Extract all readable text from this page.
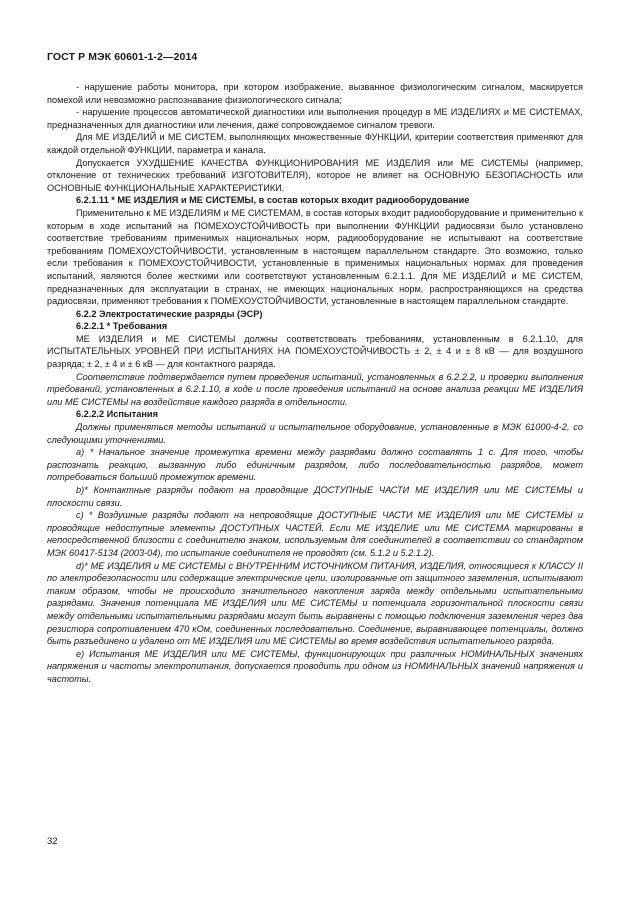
ГОСТ Р МЭК 60601-1-2—2014

- нарушение работы монитора, при котором изображение, вызванное физиологическим сигналом, маскируется помехой или невозможно распознавание физиологического сигнала;

- нарушение процессов автоматической диагностики или выполнения процедур в МЕ ИЗДЕЛИЯХ и МЕ СИСТЕМАХ, предназначенных для диагностики или лечения, даже сопровождаемое сигналом тревоги.

Для МЕ ИЗДЕЛИЙ и МЕ СИСТЕМ, выполняющих множественные ФУНКЦИИ, критерии соответствия применяют для каждой отдельной ФУНКЦИИ, параметра и канала.

Допускается УХУДШЕНИЕ КАЧЕСТВА ФУНКЦИОНИРОВАНИЯ МЕ ИЗДЕЛИЯ или МЕ СИСТЕМЫ (например, отклонение от технических требований ИЗГОТОВИТЕЛЯ), которое не влияет на ОСНОВНУЮ БЕЗОПАСНОСТЬ или ОСНОВНЫЕ ФУНКЦИОНАЛЬНЫЕ ХАРАКТЕРИСТИКИ.

6.2.1.11 * МЕ ИЗДЕЛИЯ и МЕ СИСТЕМЫ, в состав которых входит радиооборудование

Применительно к МЕ ИЗДЕЛИЯМ и МЕ СИСТЕМАМ, в состав которых входит радиооборудование и применительно к которым в ходе испытаний на ПОМЕХОУСТОЙЧИВОСТЬ при выполнении ФУНКЦИИ радиосвязи было установлено соответствие требованиям применимых национальных норм, радиооборудование не испытывают на соответствие требованиям ПОМЕХОУСТОЙЧИВОСТИ, установленным в настоящем параллельном стандарте. Это возможно, только если требования к ПОМЕХОУСТОЙЧИВОСТИ, установленные в применимых национальных нормах для проведения испытаний, являются более жесткими или соответствуют установленным 6.2.1.1. Для МЕ ИЗДЕЛИЙ и МЕ СИСТЕМ, предназначенных для эксплуатации в странах, не имеющих национальных норм, распространяющихся на средства радиосвязи, применяют требования к ПОМЕХОУСТОЙЧИВОСТИ, установленные в настоящем параллельном стандарте.

6.2.2 Электростатические разряды (ЭСР)

6.2.2.1 * Требования

МЕ ИЗДЕЛИЯ и МЕ СИСТЕМЫ должны соответствовать требованиям, установленным в 6.2.1.10, для ИСПЫТАТЕЛЬНЫХ УРОВНЕЙ ПРИ ИСПЫТАНИЯХ НА ПОМЕХОУСТОЙЧИВОСТЬ ± 2, ± 4 и ± 8 кВ — для воздушного разряда; ± 2, ± 4 и ± 6 кВ — для контактного разряда.

Соответствие подтверждается путем проведения испытаний, установленных в 6.2.2.2, и проверки выполнения требований, установленных в 6.2.1.10, в ходе и после проведения испытаний на основе анализа реакции МЕ ИЗДЕЛИЯ или МЕ СИСТЕМЫ на воздействие каждого разряда в отдельности.

6.2.2.2 Испытания

Должны применяться методы испытаний и испытательное оборудование, установленные в МЭК 61000-4-2, со следующими уточнениями.

a) * Начальное значение промежутка времени между разрядами должно составлять 1 с. Для того, чтобы распознать реакцию, вызванную либо единичным разрядом, либо последовательностью разрядов, может потребоваться больший промежуток времени.

b)* Контактные разряды подают на проводящие ДОСТУПНЫЕ ЧАСТИ МЕ ИЗДЕЛИЯ или МЕ СИСТЕМЫ и плоскости связи.

c) * Воздушные разряды подают на непроводящие ДОСТУПНЫЕ ЧАСТИ МЕ ИЗДЕЛИЯ или МЕ СИСТЕМЫ и проводящие недоступные элементы ДОСТУПНЫХ ЧАСТЕЙ. Если МЕ ИЗДЕЛИЕ или МЕ СИСТЕМА маркированы в непосредственной близости с соединителю знаком, используемым для соединителей в соответствии со стандартом МЭК 60417-5134 (2003-04), то испытание соединителя не проводят (см. 5.1.2 и 5.2.1.2).

d)* МЕ ИЗДЕЛИЯ и МЕ СИСТЕМЫ с ВНУТРЕННИМ ИСТОЧНИКОМ ПИТАНИЯ, ИЗДЕЛИЯ, относящиеся к КЛАССУ II по электробезопасности или содержащие электрические цепи, изолированные от защитного заземления, испытывают таким образом, чтобы не происходило значительного накопления заряда между отдельными испытательными разрядами. Значения потенциала МЕ ИЗДЕЛИЯ или МЕ СИСТЕМЫ и потенциала горизонтальной плоскости связи между отдельными испытательными разрядами могут быть выравнены с помощью подключения заземления через два резистора сопротивлением 470 кОм, соединенных последовательно. Соединение, выравнивающее потенциалы, должно быть разъединено и удалено от МЕ ИЗДЕЛИЯ или МЕ СИСТЕМЫ во время воздействия испытательного разряда.

e) Испытания МЕ ИЗДЕЛИЯ или МЕ СИСТЕМЫ, функционирующих при различных НОМИНАЛЬНЫХ значениях напряжения и частоты электропитания, допускается проводить при одном из НОМИНАЛЬНЫХ значений напряжения и частоты.

32
